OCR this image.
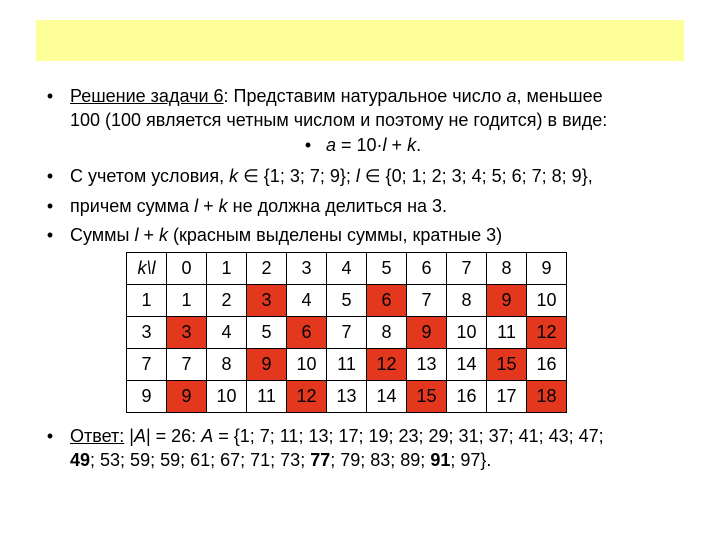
• Решение задачи 6: Представим натуральное число a, меньшее
100 (100 является четным числом и поэтому не годится) в виде:
• a = 10·l + k.
• С учетом условия, k ∈ {1; 3; 7; 9}; l ∈ {0; 1; 2; 3; 4; 5; 6; 7; 8; 9},
• причем сумма l + k не должна делиться на 3.
• Суммы l + k (красным выделены суммы, кратные 3)
• Ответ: |A| = 26: A = {1; 7; 11; 13; 17; 19; 23; 29; 31; 37; 41; 43; 47;
49; 53; 59; 59; 61; 67; 71; 73; 77; 79; 83; 89; 91; 97}.
k\l	0	1	2	3	4	5	6	7	8	9
1	1	2	3	4	5	6	7	8	9	10
3	3	4	5	6	7	8	9	10	11	12
7	7	8	9	10	11	12	13	14	15	16
9	9	10	11	12	13	14	15	16	17	18
